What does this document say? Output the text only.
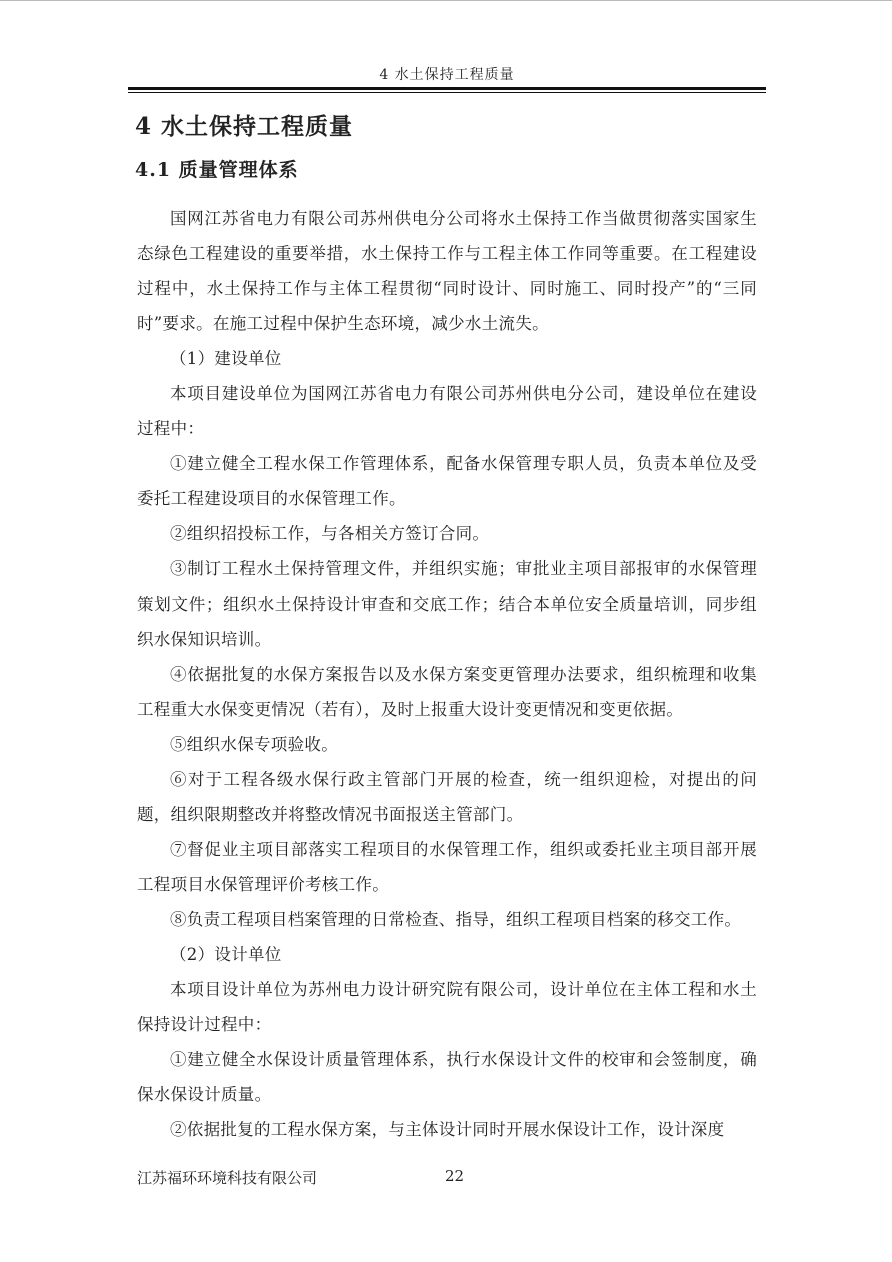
4 水土保持工程质量
4 水土保持工程质量
4.1 质量管理体系

国网江苏省电力有限公司苏州供电分公司将水土保持工作当做贯彻落实国家生态绿色工程建设的重要举措，水土保持工作与工程主体工作同等重要。在工程建设过程中，水土保持工作与主体工程贯彻“同时设计、同时施工、同时投产”的“三同时”要求。在施工过程中保护生态环境，减少水土流失。

（1）建设单位

本项目建设单位为国网江苏省电力有限公司苏州供电分公司，建设单位在建设过程中：

①建立健全工程水保工作管理体系，配备水保管理专职人员，负责本单位及受委托工程建设项目的水保管理工作。

②组织招投标工作，与各相关方签订合同。

③制订工程水土保持管理文件，并组织实施；审批业主项目部报审的水保管理策划文件；组织水土保持设计审查和交底工作；结合本单位安全质量培训，同步组织水保知识培训。

④依据批复的水保方案报告以及水保方案变更管理办法要求，组织梳理和收集工程重大水保变更情况（若有），及时上报重大设计变更情况和变更依据。

⑤组织水保专项验收。

⑥对于工程各级水保行政主管部门开展的检查，统一组织迎检，对提出的问题，组织限期整改并将整改情况书面报送主管部门。

⑦督促业主项目部落实工程项目的水保管理工作，组织或委托业主项目部开展工程项目水保管理评价考核工作。

⑧负责工程项目档案管理的日常检查、指导，组织工程项目档案的移交工作。

（2）设计单位

本项目设计单位为苏州电力设计研究院有限公司，设计单位在主体工程和水土保持设计过程中：

①建立健全水保设计质量管理体系，执行水保设计文件的校审和会签制度，确保水保设计质量。

②依据批复的工程水保方案，与主体设计同时开展水保设计工作，设计深度

江苏福环环境科技有限公司	22
